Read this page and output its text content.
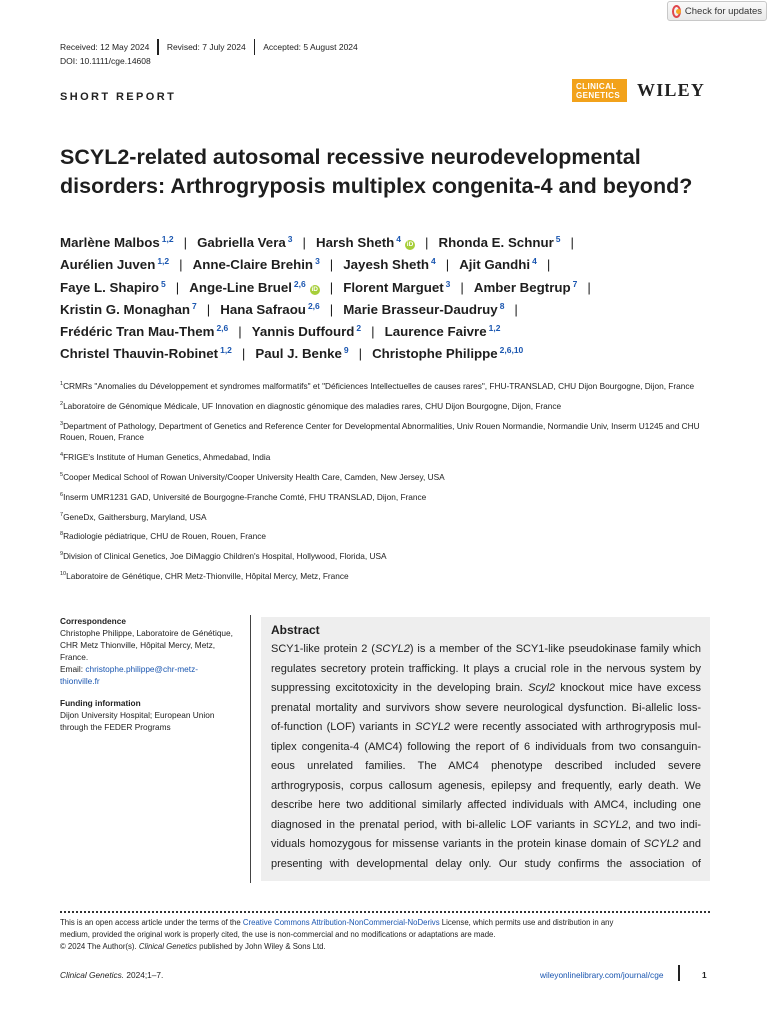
Check for updates
Received: 12 May 2024	Revised: 7 July 2024	Accepted: 5 August 2024
DOI: 10.1111/cge.14608
SHORT REPORT
CLINICAL
GENETICS WILEY
SCYL2-related autosomal recessive neurodevelopmental
disorders: Arthrogryposis multiplex congenita-4 and beyond?
Marlène Malbos $^{1,2}$ | Gabriella Vera $^3$ | Harsh Sheth $^4$iD | Rhonda E. Schnur $^5$ |
Aurélien Juven $^{1,2}$ | Anne-Claire Brehin $^3$ | Jayesh Sheth $^4$ | Ajit Gandhi $^4$ |
Faye L. Shapiro $^5$ | Ange-Line Bruel $^{2,6}$iD | Florent Marguet $^3$ | Amber Begtrup $^7$ |
Kristin G. Monaghan $^7$ | Hana Safraou $^{2,6}$ | Marie Brasseur-Daudruy $^8$ |
Frédéric Tran Mau-Them $^{2,6}$ | Yannis Duffourd $^2$ | Laurence Faivre $^{1,2}$
Christel Thauvin-Robinet $^{1,2}$ | Paul J. Benke $^9$ | Christophe Philippe $^{2,6,10}$
$^1$CRMRs "Anomalies du Développement et syndromes malformatifs" et "Déficiences Intellectuelles de causes rares", FHU-TRANSLAD, CHU Dijon Bourgogne, Dijon, France
$^2$Laboratoire de Génomique Médicale, UF Innovation en diagnostic génomique des maladies rares, CHU Dijon Bourgogne, Dijon, France
$^3$Department of Pathology, Department of Genetics and Reference Center for Developmental Abnormalities, Univ Rouen Normandie, Normandie Univ, Inserm U1245 and CHU Rouen, Rouen, France
$^4$FRIGE's Institute of Human Genetics, Ahmedabad, India
$^5$Cooper Medical School of Rowan University/Cooper University Health Care, Camden, New Jersey, USA
$^6$Inserm UMR1231 GAD, Université de Bourgogne-Franche Comté, FHU TRANSLAD, Dijon, France
$^7$GeneDx, Gaithersburg, Maryland, USA
$^8$Radiologie pédiatrique, CHU de Rouen, Rouen, France
$^9$Division of Clinical Genetics, Joe DiMaggio Children's Hospital, Hollywood, Florida, USA
$^{10}$Laboratoire de Génétique, CHR Metz-Thionville, Hôpital Mercy, Metz, France
Correspondence
Christophe Philippe, Laboratoire de Génétique,
CHR Metz Thionville, Hôpital Mercy, Metz,
France.
Email: christophe.philippe@chr-metz-
thionville.fr
Funding information
Dijon University Hospital; European Union
through the FEDER Programs
Abstract
SCY1-like protein 2 (SCYL2) is a member of the SCY1-like pseudokinase family which
regulates secretory protein trafficking. It plays a crucial role in the nervous system by
suppressing excitotoxicity in the developing brain. Scyl2 knockout mice have excess
prenatal mortality and survivors show severe neurological dysfunction. Bi-allelic loss-
of-function (LOF) variants in SCYL2 were recently associated with arthrogryposis mul-
tiplex congenita-4 (AMC4) following the report of 6 individuals from two consanguin-
eous unrelated families. The AMC4 phenotype described included severe
arthrogryposis, corpus callosum agenesis, epilepsy and frequently, early death. We
describe here two additional similarly affected individuals with AMC4, including one
diagnosed in the prenatal period, with bi-allelic LOF variants in SCYL2, and two indi-
viduals homozygous for missense variants in the protein kinase domain of SCYL2 and
presenting with developmental delay only. Our study confirms the association of
This is an open access article under the terms of the Creative Commons Attribution-NonCommercial-NoDerivs License, which permits use and distribution in any
medium, provided the original work is properly cited, the use is non-commercial and no modifications or adaptations are made.
© 2024 The Author(s). Clinical Genetics published by John Wiley & Sons Ltd.
Clinical Genetics. 2024;1–7.	wileyonlinelibrary.com/journal/cge	1
